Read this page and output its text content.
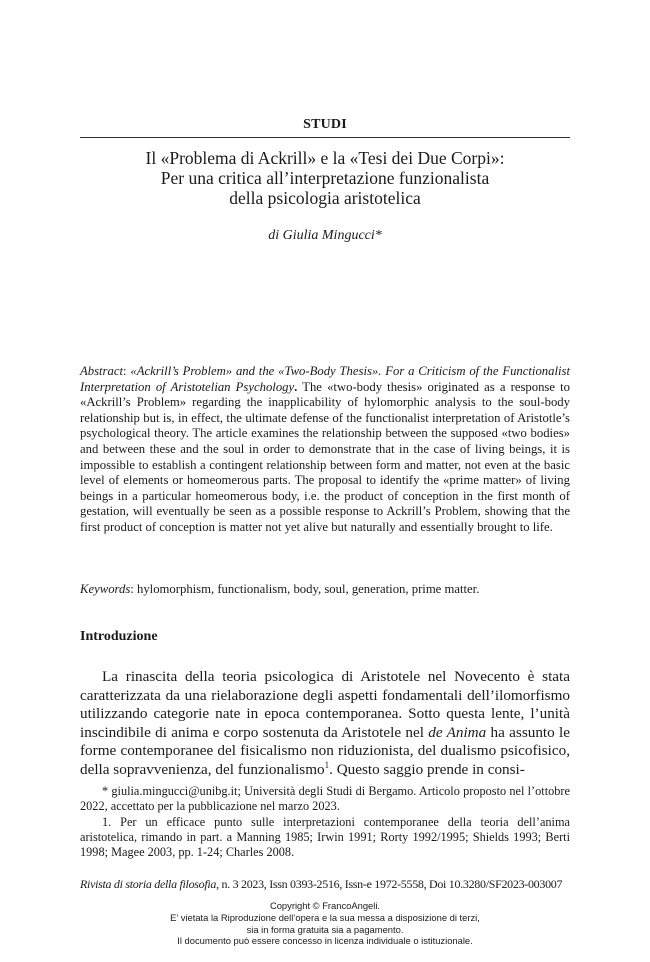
STUDI
Il «Problema di Ackrill» e la «Tesi dei Due Corpi»:
Per una critica all’interpretazione funzionalista
della psicologia aristotelica
di Giulia Mingucci*
Abstract: «Ackrill’s Problem» and the «Two-Body Thesis». For a Criticism of the Functionalist Interpretation of Aristotelian Psychology. The «two-body thesis» originated as a response to «Ackrill’s Problem» regarding the inapplicability of hylomorphic analysis to the soul-body relationship but is, in effect, the ultimate defense of the functionalist interpretation of Aristotle’s psychological theory. The article examines the relationship between the supposed «two bodies» and between these and the soul in order to demonstrate that in the case of living beings, it is impossible to establish a contingent relationship between form and matter, not even at the basic level of elements or homeomerous parts. The proposal to identify the «prime matter» of living beings in a particular homeomerous body, i.e. the product of conception in the first month of gestation, will eventually be seen as a possible response to Ackrill’s Problem, showing that the first product of conception is matter not yet alive but naturally and essentially brought to life.
Keywords: hylomorphism, functionalism, body, soul, generation, prime matter.
Introduzione
La rinascita della teoria psicologica di Aristotele nel Novecento è stata caratterizzata da una rielaborazione degli aspetti fondamentali dell’ilomorfismo utilizzando categorie nate in epoca contemporanea. Sotto questa lente, l’unità inscindibile di anima e corpo sostenuta da Aristotele nel de Anima ha assunto le forme contemporanee del fisicalismo non riduzionista, del dualismo psicofisico, della sopravvenienza, del funzionalismo$^1$. Questo saggio prende in consi-

* giulia.mingucci@unibg.it; Università degli Studi di Bergamo. Articolo proposto nel l’ottobre 2022, accettato per la pubblicazione nel marzo 2023.

1. Per un efficace punto sulle interpretazioni contemporanee della teoria dell’anima aristotelica, rimando in part. a Manning 1985; Irwin 1991; Rorty 1992/1995; Shields 1993; Berti 1998; Magee 2003, pp. 1-24; Charles 2008.

Rivista di storia della filosofia, n. 3 2023, Issn 0393-2516, Issn-e 1972-5558, Doi 10.3280/SF2023-003007
Copyright © FrancoAngeli.
E’ vietata la Riproduzione dell’opera e la sua messa a disposizione di terzi,
sia in forma gratuita sia a pagamento.
Il documento può essere concesso in licenza individuale o istituzionale.
